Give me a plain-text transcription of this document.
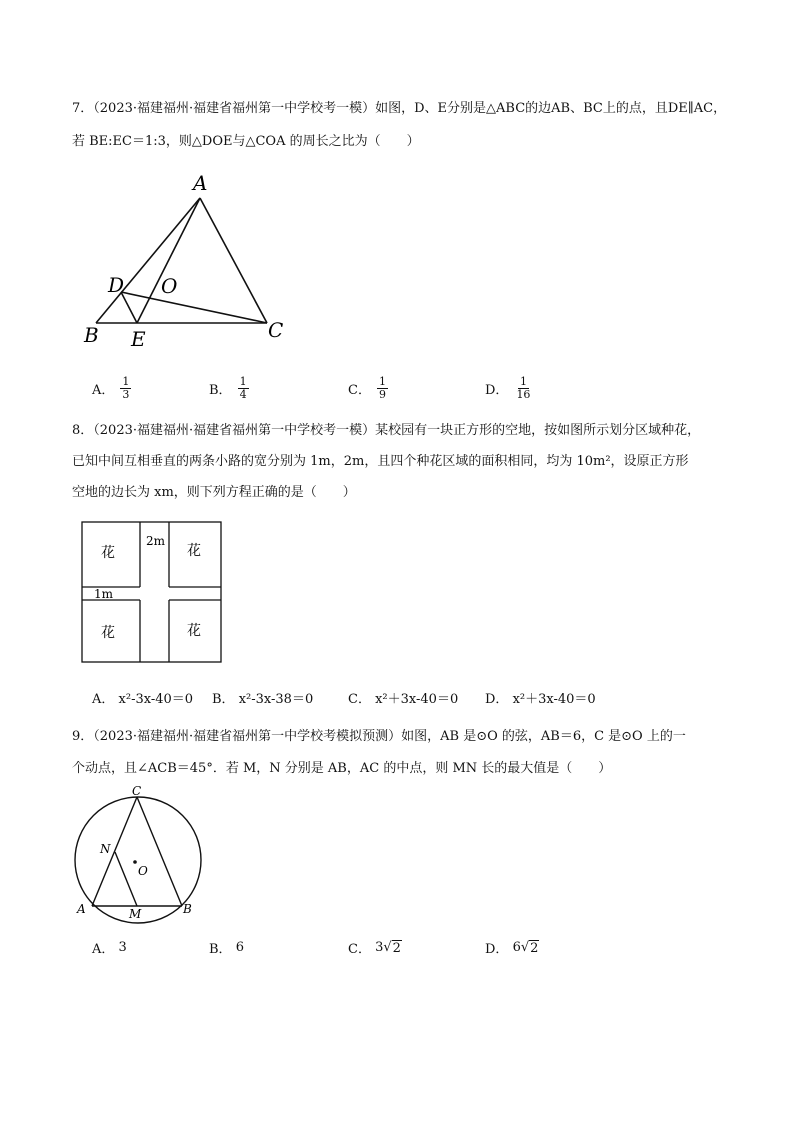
7．（2023·福建福州·福建省福州第一中学校考一模）如图，D、E分别是△ABC的边AB、BC上的点，且DE∥AC，
若 BE:EC＝1:3，则△DOE与△COA 的周长之比为（　　）
A
D O
B E	C
A． $\frac{1}{3}$	B． $\frac{1}{4}$	C． $\frac{1}{9}$	D． $\frac{1}{16}$
8．（2023·福建福州·福建省福州第一中学校考一模）某校园有一块正方形的空地，按如图所示划分区域种花，
已知中间互相垂直的两条小路的宽分别为 1m，2m，且四个种花区域的面积相同，均为 10m²，设原正方形
空地的边长为 xm，则下列方程正确的是（　　）
花	花
花	花
2m
1m
A．
x²-3x-40＝0 B．
x²-3x-38＝0	C．
x²＋3x-40＝0 D．
x²＋3x-40＝0
9．（2023·福建福州·福建省福州第一中学校考模拟预测）如图，AB 是⊙O 的弦，AB＝6，C 是⊙O 上的一
个动点，且∠ACB＝45°．若 M，N 分别是 AB，AC 的中点，则 MN 长的最大值是（　　）
C
N
O
A	M	B
A．
3	B．
6	C．
3 √ 2	D．
6 √ 2
